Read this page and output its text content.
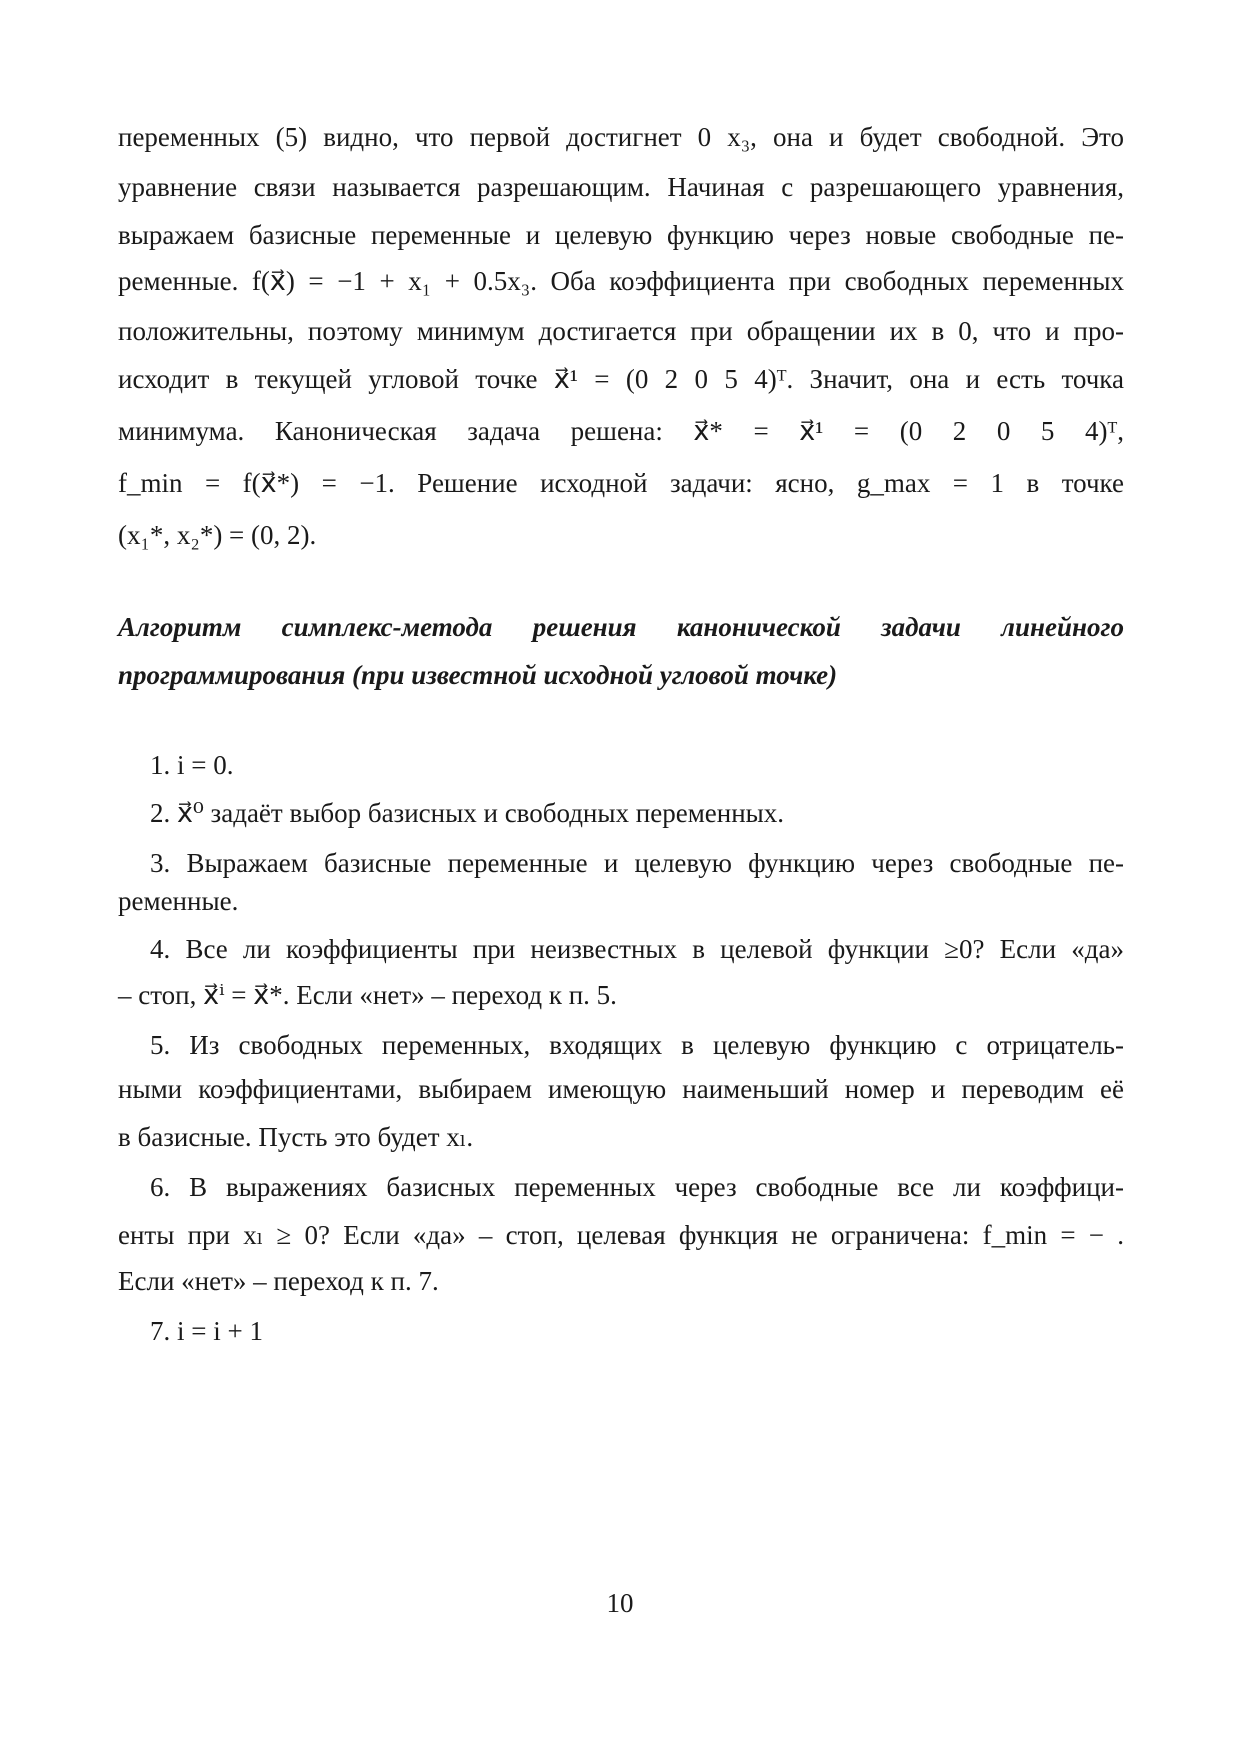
переменных (5) видно, что первой достигнет 0 x₃, она и будет свободной. Это
уравнение связи называется разрешающим. Начиная с разрешающего уравнения,
выражаем базисные переменные и целевую функцию через новые свободные пе-
ременные. f(x⃗) = −1 + x₁ + 0.5x₃. Оба коэффициента при свободных переменных
положительны, поэтому минимум достигается при обращении их в 0, что и про-
исходит в текущей угловой точке x⃗¹ = (0 2 0 5 4)ᵀ. Значит, она и есть точка
минимума. Каноническая задача решена: x⃗* = x⃗¹ = (0 2 0 5 4)ᵀ,
f_min = f(x⃗*) = −1. Решение исходной задачи: ясно, g_max = 1 в точке
(x₁*, x₂*) = (0, 2).
Алгоритм симплекс-метода решения канонической задачи линейного
программирования (при известной исходной угловой точке)
1. i = 0.
2. x⃗⁰ задаёт выбор базисных и свободных переменных.
3. Выражаем базисные переменные и целевую функцию через свободные пе-
ременные.
4. Все ли коэффициенты при неизвестных в целевой функции ≥0? Если «да»
– стоп, x⃗ⁱ = x⃗*. Если «нет» – переход к п. 5.
5. Из свободных переменных, входящих в целевую функцию с отрицатель-
ными коэффициентами, выбираем имеющую наименьший номер и переводим её
в базисные. Пусть это будет xₗ.
6. В выражениях базисных переменных через свободные все ли коэффици-
енты при xₗ ≥ 0? Если «да» – стоп, целевая функция не ограничена: f_min = − .
Если «нет» – переход к п. 7.
7. i = i + 1
10
